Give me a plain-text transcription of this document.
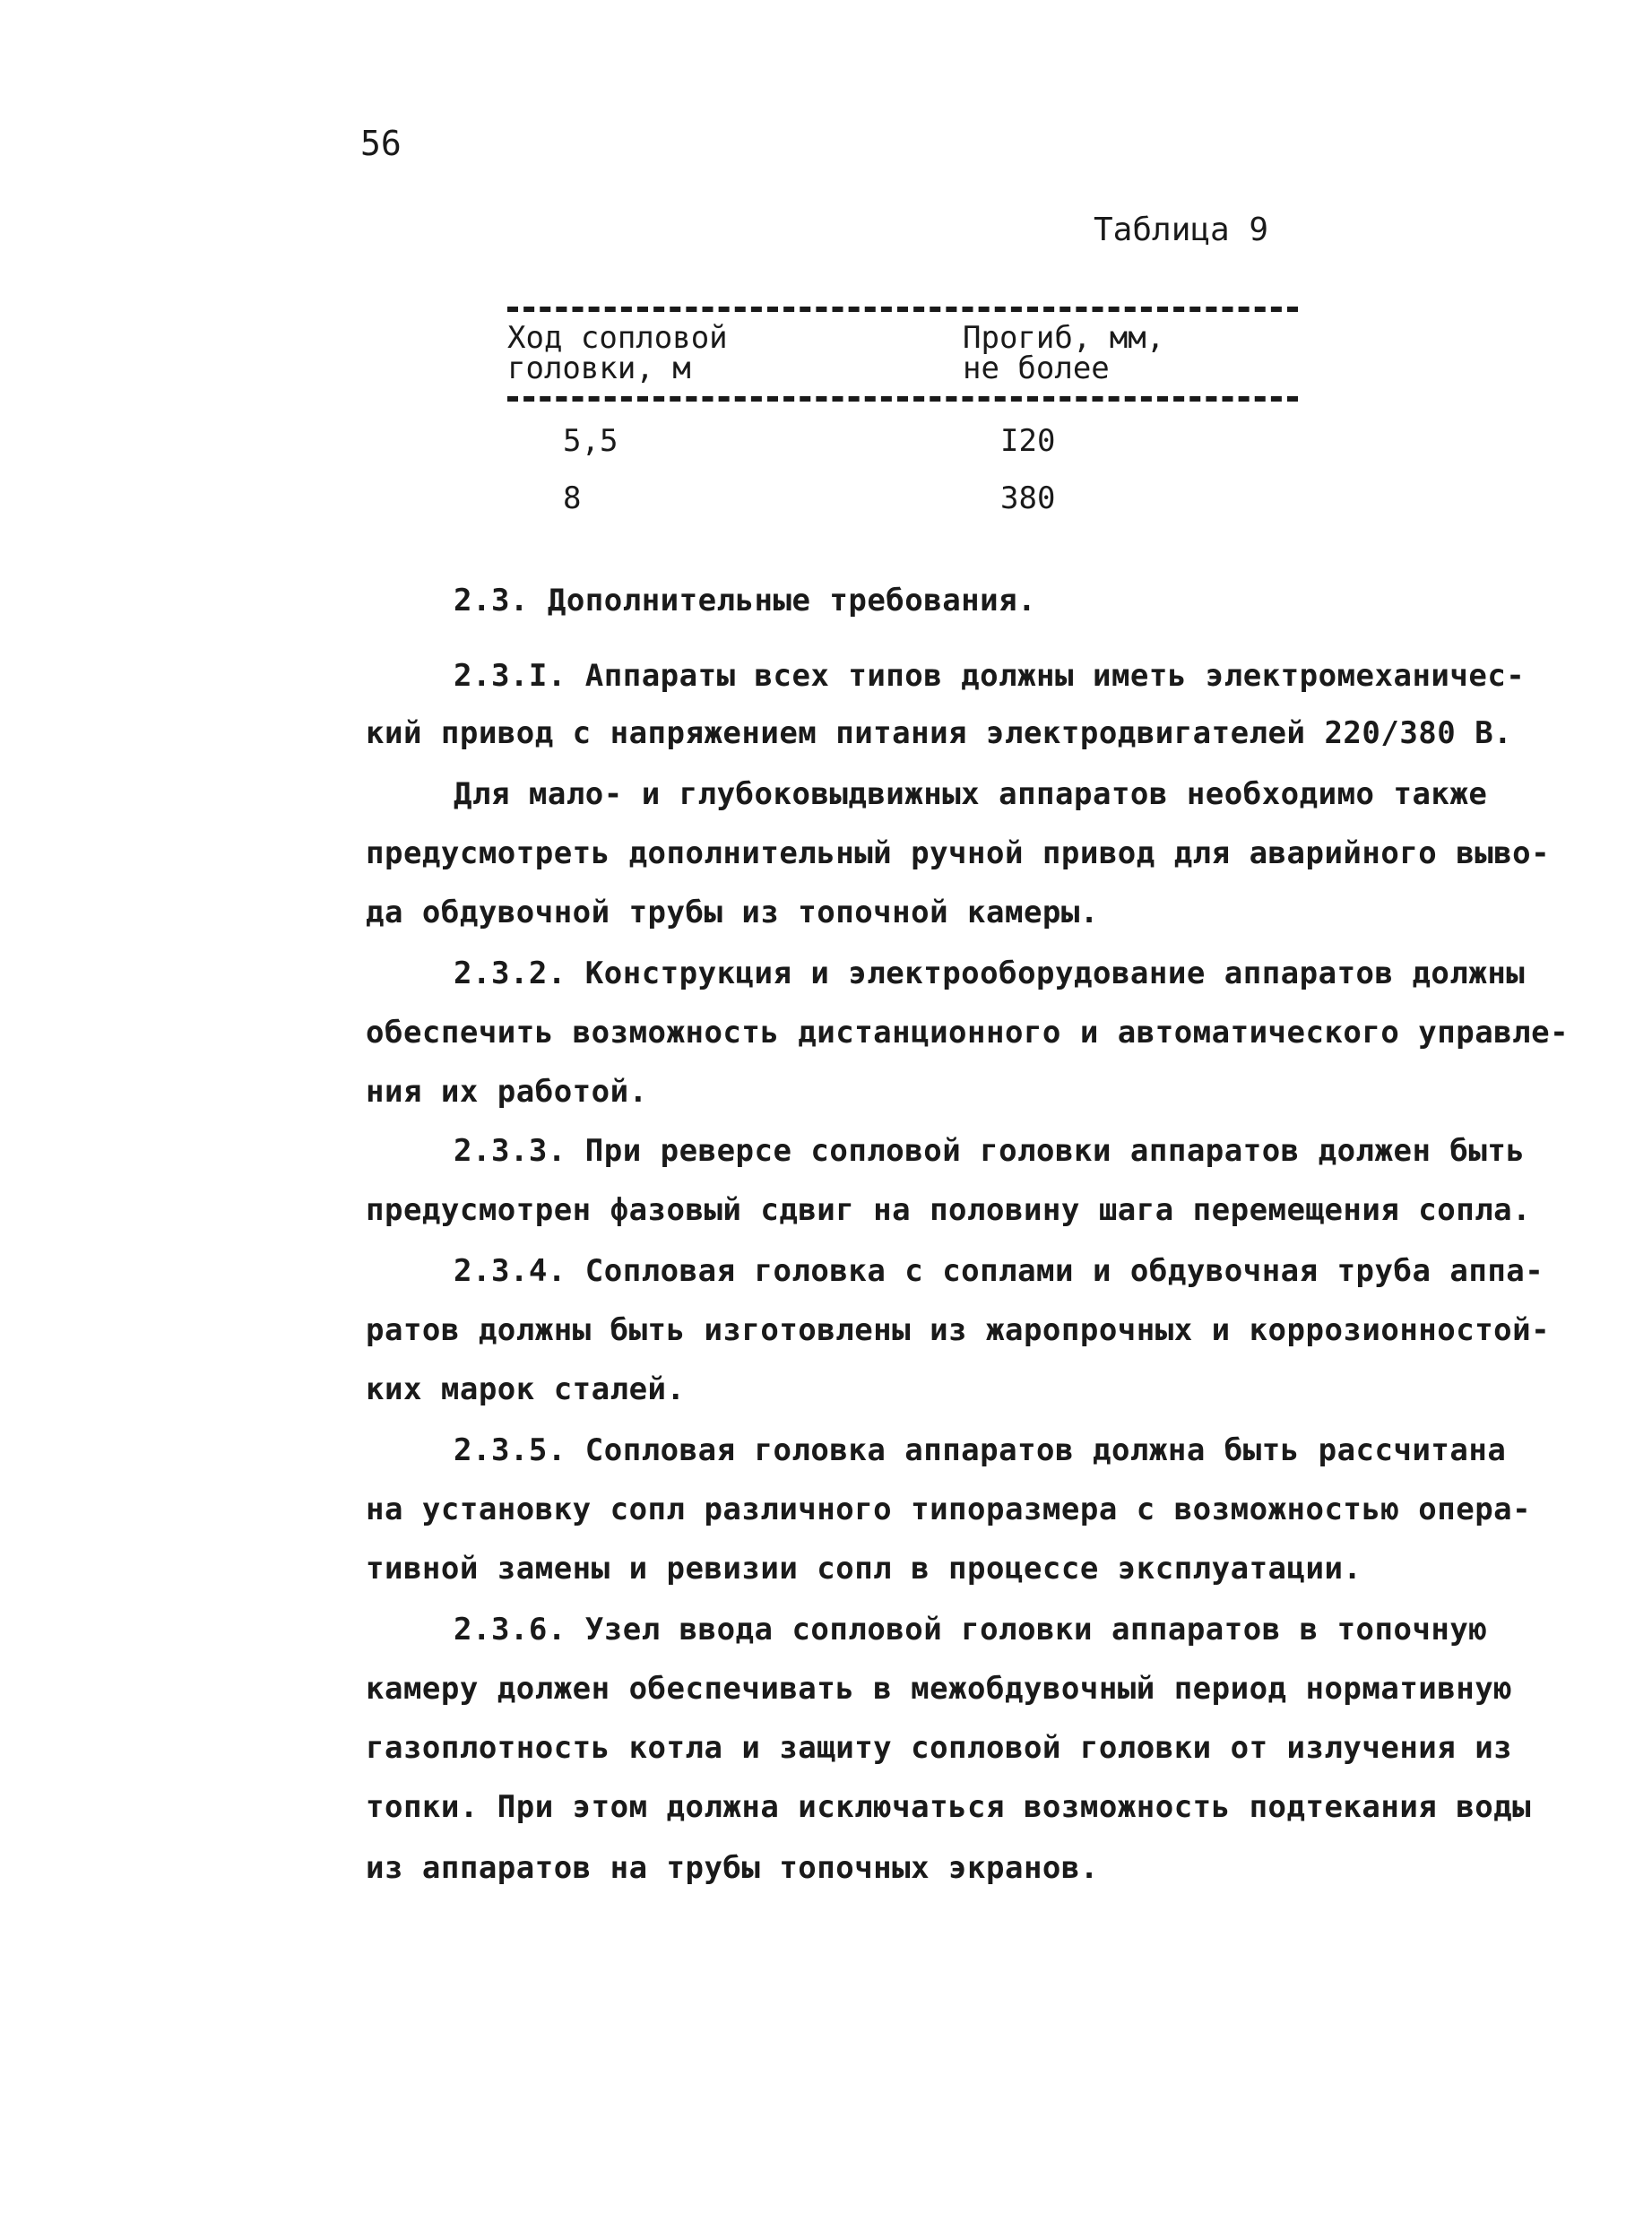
56
Таблица 9
Ход сопловой
головки, м
Прогиб, мм,
не более
5,5	I20
8	380
2.3. Дополнительные требования.
2.3.I. Аппараты всех типов должны иметь электромеханичес-
кий привод с напряжением питания электродвигателей 220/380 В.
Для мало- и глубоковыдвижных аппаратов необходимо также
предусмотреть дополнительный ручной привод для аварийного выво-
да обдувочной трубы из топочной камеры.
2.3.2. Конструкция и электрооборудование аппаратов должны
обеспечить возможность дистанционного и автоматического управле-
ния их работой.
2.3.3. При реверсе сопловой головки аппаратов должен быть
предусмотрен фазовый сдвиг на половину шага перемещения сопла.
2.3.4. Сопловая головка с соплами и обдувочная труба аппа-
ратов должны быть изготовлены из жаропрочных и коррозионностой-
ких марок сталей.
2.3.5. Сопловая головка аппаратов должна быть рассчитана
на установку сопл различного типоразмера с возможностью опера-
тивной замены и ревизии сопл в процессе эксплуатации.
2.3.6. Узел ввода сопловой головки аппаратов в топочную
камеру должен обеспечивать в межобдувочный период нормативную
газоплотность котла и защиту сопловой головки от излучения из
топки. При этом должна исключаться возможность подтекания воды
из аппаратов на трубы топочных экранов.
